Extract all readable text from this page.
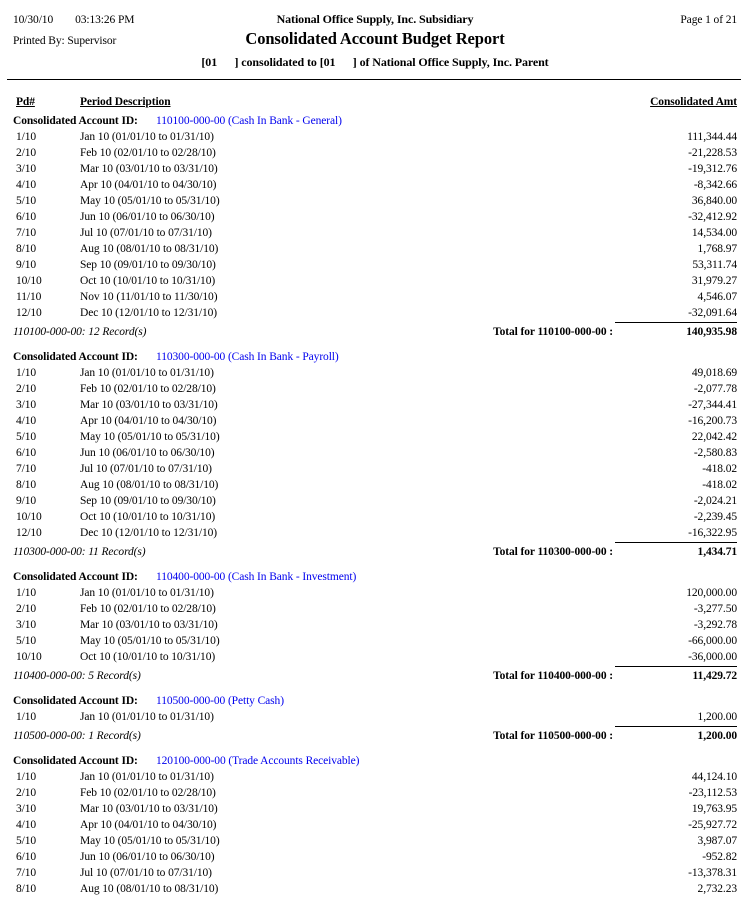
10/30/10 03:13:26 PM	National Office Supply, Inc. Subsidiary	Page 1 of 21
Printed By: Supervisor	Consolidated Account Budget Report
[01      ] consolidated to [01      ] of National Office Supply, Inc. Parent
Pd#	Period Description	Consolidated Amt
Consolidated Account ID:	110100-000-00 (Cash In Bank - General)
1/10	Jan 10 (01/01/10 to 01/31/10)	111,344.44
2/10	Feb 10 (02/01/10 to 02/28/10)	-21,228.53
3/10	Mar 10 (03/01/10 to 03/31/10)	-19,312.76
4/10	Apr 10 (04/01/10 to 04/30/10)	-8,342.66
5/10	May 10 (05/01/10 to 05/31/10)	36,840.00
6/10	Jun 10 (06/01/10 to 06/30/10)	-32,412.92
7/10	Jul 10 (07/01/10 to 07/31/10)	14,534.00
8/10	Aug 10 (08/01/10 to 08/31/10)	1,768.97
9/10	Sep 10 (09/01/10 to 09/30/10)	53,311.74
10/10	Oct 10 (10/01/10 to 10/31/10)	31,979.27
11/10	Nov 10 (11/01/10 to 11/30/10)	4,546.07
12/10	Dec 10 (12/01/10 to 12/31/10)	-32,091.64
110100-000-00: 12 Record(s)	Total for 110100-000-00 :	140,935.98
Consolidated Account ID:	110300-000-00 (Cash In Bank - Payroll)
1/10	Jan 10 (01/01/10 to 01/31/10)	49,018.69
2/10	Feb 10 (02/01/10 to 02/28/10)	-2,077.78
3/10	Mar 10 (03/01/10 to 03/31/10)	-27,344.41
4/10	Apr 10 (04/01/10 to 04/30/10)	-16,200.73
5/10	May 10 (05/01/10 to 05/31/10)	22,042.42
6/10	Jun 10 (06/01/10 to 06/30/10)	-2,580.83
7/10	Jul 10 (07/01/10 to 07/31/10)	-418.02
8/10	Aug 10 (08/01/10 to 08/31/10)	-418.02
9/10	Sep 10 (09/01/10 to 09/30/10)	-2,024.21
10/10	Oct 10 (10/01/10 to 10/31/10)	-2,239.45
12/10	Dec 10 (12/01/10 to 12/31/10)	-16,322.95
110300-000-00: 11 Record(s)	Total for 110300-000-00 :	1,434.71
Consolidated Account ID:	110400-000-00 (Cash In Bank - Investment)
1/10	Jan 10 (01/01/10 to 01/31/10)	120,000.00
2/10	Feb 10 (02/01/10 to 02/28/10)	-3,277.50
3/10	Mar 10 (03/01/10 to 03/31/10)	-3,292.78
5/10	May 10 (05/01/10 to 05/31/10)	-66,000.00
10/10	Oct 10 (10/01/10 to 10/31/10)	-36,000.00
110400-000-00: 5 Record(s)	Total for 110400-000-00 :	11,429.72
Consolidated Account ID:	110500-000-00 (Petty Cash)
1/10	Jan 10 (01/01/10 to 01/31/10)	1,200.00
110500-000-00: 1 Record(s)	Total for 110500-000-00 :	1,200.00
Consolidated Account ID:	120100-000-00 (Trade Accounts Receivable)
1/10	Jan 10 (01/01/10 to 01/31/10)	44,124.10
2/10	Feb 10 (02/01/10 to 02/28/10)	-23,112.53
3/10	Mar 10 (03/01/10 to 03/31/10)	19,763.95
4/10	Apr 10 (04/01/10 to 04/30/10)	-25,927.72
5/10	May 10 (05/01/10 to 05/31/10)	3,987.07
6/10	Jun 10 (06/01/10 to 06/30/10)	-952.82
7/10	Jul 10 (07/01/10 to 07/31/10)	-13,378.31
8/10	Aug 10 (08/01/10 to 08/31/10)	2,732.23
